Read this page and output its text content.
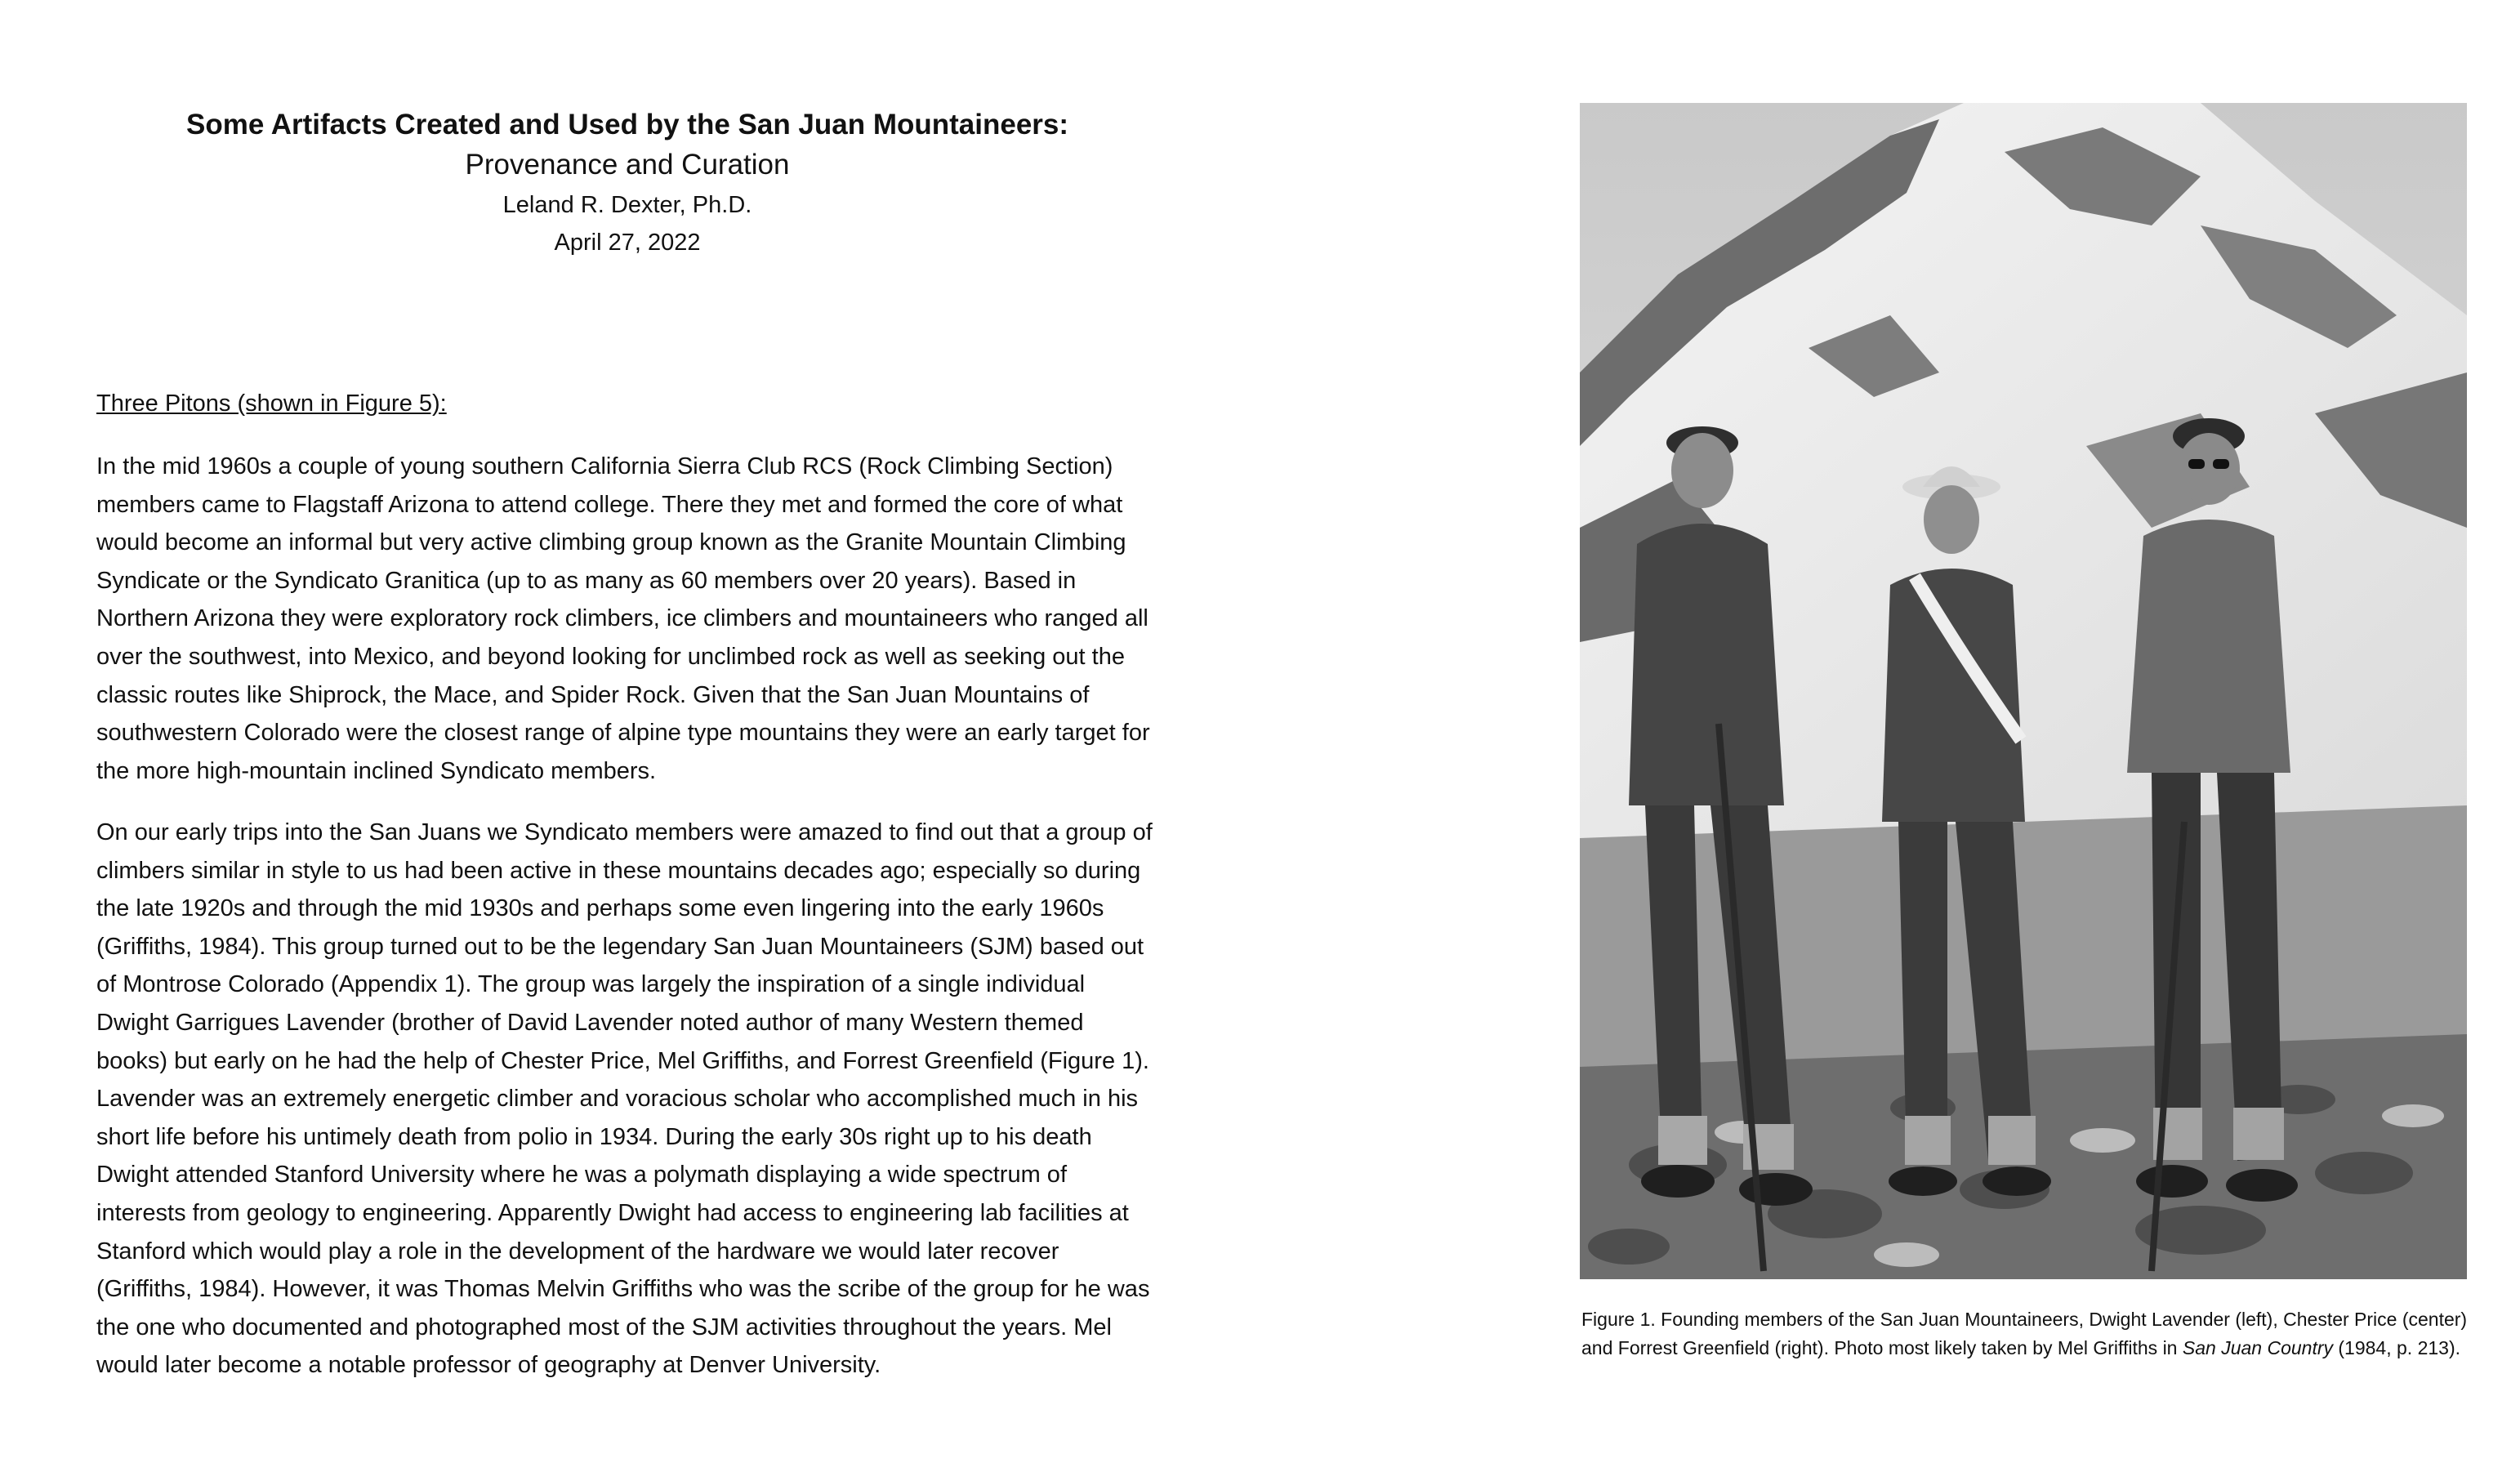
Some Artifacts Created and Used by the San Juan Mountaineers:

Provenance and Curation

Leland R. Dexter, Ph.D.

April 27, 2022

Three Pitons (shown in Figure 5):

In the mid 1960s a couple of young southern California Sierra Club RCS (Rock Climbing Section) members came to Flagstaff Arizona to attend college. There they met and formed the core of what would become an informal but very active climbing group known as the Granite Mountain Climbing Syndicate or the Syndicato Granitica (up to as many as 60 members over 20 years). Based in Northern Arizona they were exploratory rock climbers, ice climbers and mountaineers who ranged all over the southwest, into Mexico, and beyond looking for unclimbed rock as well as seeking out the classic routes like Shiprock, the Mace, and Spider Rock. Given that the San Juan Mountains of southwestern Colorado were the closest range of alpine type mountains they were an early target for the more high-mountain inclined Syndicato members.

On our early trips into the San Juans we Syndicato members were amazed to find out that a group of climbers similar in style to us had been active in these mountains decades ago; especially so during the late 1920s and through the mid 1930s and perhaps some even lingering into the early 1960s (Griffiths, 1984). This group turned out to be the legendary San Juan Mountaineers (SJM) based out of Montrose Colorado (Appendix 1). The group was largely the inspiration of a single individual Dwight Garrigues Lavender (brother of David Lavender noted author of many Western themed books) but early on he had the help of Chester Price, Mel Griffiths, and Forrest Greenfield (Figure 1). Lavender was an extremely energetic climber and voracious scholar who accomplished much in his short life before his untimely death from polio in 1934. During the early 30s right up to his death Dwight attended Stanford University where he was a polymath displaying a wide spectrum of interests from geology to engineering. Apparently Dwight had access to engineering lab facilities at Stanford which would play a role in the development of the hardware we would later recover (Griffiths, 1984). However, it was Thomas Melvin Griffiths who was the scribe of the group for he was the one who documented and photographed most of the SJM activities throughout the years. Mel would later become a notable professor of geography at Denver University.

Figure 1. Founding members of the San Juan Mountaineers, Dwight Lavender (left), Chester Price (center) and Forrest Greenfield (right). Photo most likely taken by Mel Griffiths in San Juan Country (1984, p. 213).
